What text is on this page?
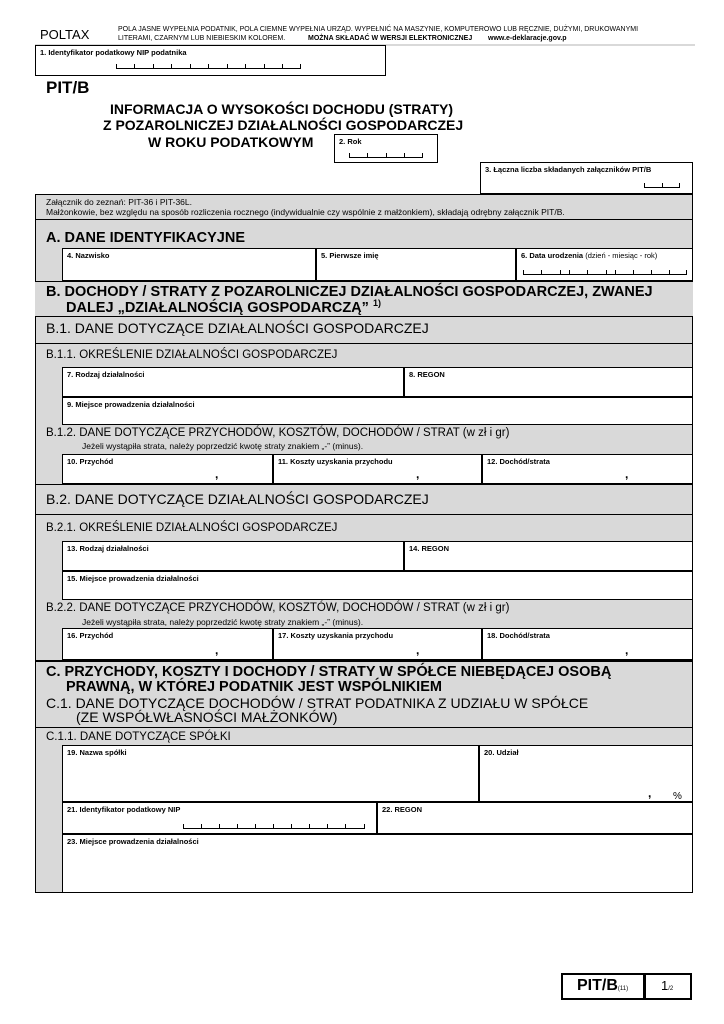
POLTAX	POLA JASNE WYPEŁNIA PODATNIK, POLA CIEMNE WYPEŁNIA URZĄD. WYPEŁNIĆ NA MASZYNIE, KOMPUTEROWO LUB RĘCZNIE, DUŻYMI, DRUKOWANYMI
LITERAMI, CZARNYM LUB NIEBIESKIM KOLOREM.	MOŻNA SKŁADAĆ W WERSJI ELEKTRONICZNEJ www.e-deklaracje.gov.p
1. Identyfikator podatkowy NIP podatnika
PIT/B
INFORMACJA O WYSOKOŚCI DOCHODU (STRATY)
Z POZAROLNICZEJ DZIAŁALNOŚCI GOSPODARCZEJ
W ROKU PODATKOWYM	2. Rok
3. Łączna liczba składanych załączników PIT/B
Załącznik do zeznań: PIT-36 i PIT-36L.
Małżonkowie, bez względu na sposób rozliczenia rocznego (indywidualnie czy wspólnie z małżonkiem), składają odrębny załącznik PIT/B.
A. DANE IDENTYFIKACYJNE
4. Nazwisko	5. Pierwsze imię	6. Data urodzenia (dzień - miesiąc - rok)
B. DOCHODY / STRATY Z POZAROLNICZEJ DZIAŁALNOŚCI GOSPODARCZEJ, ZWANEJ
DALEJ „DZIAŁALNOŚCIĄ GOSPODARCZĄ” $^{1)}$
B.1. DANE DOTYCZĄCE DZIAŁALNOŚCI GOSPODARCZEJ
B.1.1. OKREŚLENIE DZIAŁALNOŚCI GOSPODARCZEJ
7. Rodzaj działalności	8. REGON
9. Miejsce prowadzenia działalności
B.1.2. DANE DOTYCZĄCE PRZYCHODÓW, KOSZTÓW, DOCHODÓW / STRAT (w zł i gr)
Jeżeli wystąpiła strata, należy poprzedzić kwotę straty znakiem „-” (minus).
10. Przychód
,
11. Koszty uzyskania przychodu
,
12. Dochód/strata
,
B.2. DANE DOTYCZĄCE DZIAŁALNOŚCI GOSPODARCZEJ
B.2.1. OKREŚLENIE DZIAŁALNOŚCI GOSPODARCZEJ
13. Rodzaj działalności	14. REGON
15. Miejsce prowadzenia działalności
B.2.2. DANE DOTYCZĄCE PRZYCHODÓW, KOSZTÓW, DOCHODÓW / STRAT (w zł i gr)
Jeżeli wystąpiła strata, należy poprzedzić kwotę straty znakiem „-” (minus).
16. Przychód
,
17. Koszty uzyskania przychodu
,
18. Dochód/strata
,
C. PRZYCHODY, KOSZTY I DOCHODY / STRATY W SPÓŁCE NIEBĘDĄCEJ OSOBĄ
PRAWNĄ, W KTÓREJ PODATNIK JEST WSPÓLNIKIEM
C.1. DANE DOTYCZĄCE DOCHODÓW / STRAT PODATNIKA Z UDZIAŁU W SPÓŁCE
(ZE WSPÓŁWŁASNOŚCI MAŁŻONKÓW)
C.1.1. DANE DOTYCZĄCE SPÓŁKI
19. Nazwa spółki	20. Udział
, %
21. Identyfikator podatkowy NIP	22. REGON
23. Miejsce prowadzenia działalności
PIT/B(11)	1/2
